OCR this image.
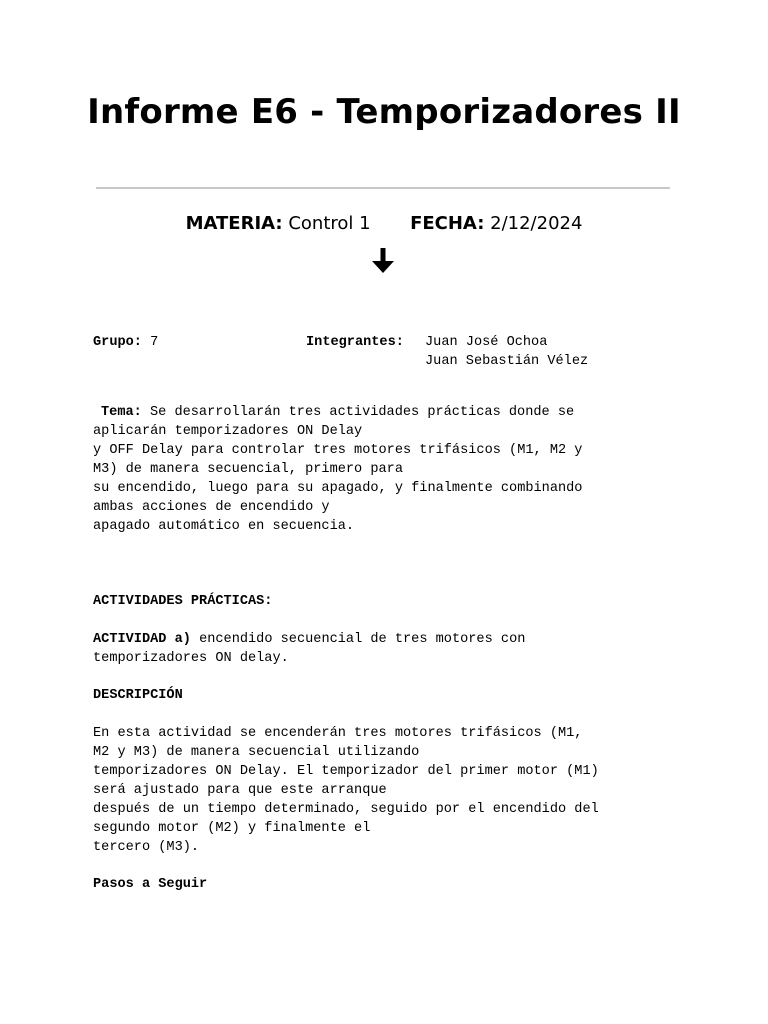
Informe E6 - Temporizadores II
MATERIA: Control 1 FECHA: 2/12/2024
Grupo: 7	Integrantes: Juan José Ochoa
Juan Sebastián Vélez
Tema: Se desarrollarán tres actividades prácticas donde se
aplicarán temporizadores ON Delay
y OFF Delay para controlar tres motores trifásicos (M1, M2 y
M3) de manera secuencial, primero para
su encendido, luego para su apagado, y finalmente combinando
ambas acciones de encendido y
apagado automático en secuencia.
ACTIVIDADES PRÁCTICAS:
ACTIVIDAD a) encendido secuencial de tres motores con
temporizadores ON delay.
DESCRIPCIÓN
En esta actividad se encenderán tres motores trifásicos (M1,
M2 y M3) de manera secuencial utilizando
temporizadores ON Delay. El temporizador del primer motor (M1)
será ajustado para que este arranque
después de un tiempo determinado, seguido por el encendido del
segundo motor (M2) y finalmente el
tercero (M3).
Pasos a Seguir
